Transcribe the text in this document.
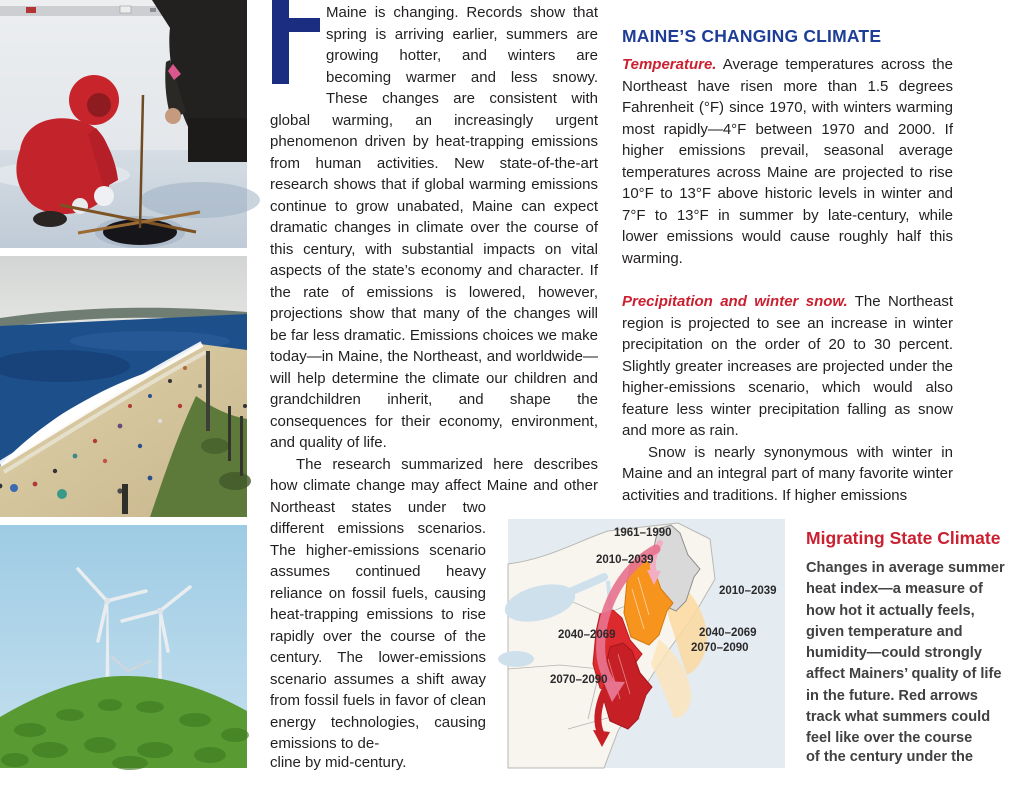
Maine is changing. Records show that spring is arriving earlier, summers are growing hotter, and winters are becoming warmer and less snowy. These changes are consistent with global warming, an increasingly urgent phenomenon driven by heat-trapping emissions from human activities. New state-of-the-art research shows that if global warming emissions continue to grow unabated, Maine can expect dramatic changes in climate over the course of this century, with substantial impacts on vital aspects of the state’s economy and character. If the rate of emissions is lowered, however, projections show that many of the changes will be far less dramatic. Emissions choices we make today—in Maine, the Northeast, and worldwide—will help determine the climate our children and grandchildren inherit, and shape the consequences for their economy, environment, and quality of life.

The research summarized here describes how climate change may affect Maine and other Northeast states under two different emissions scenarios. The higher-emissions scenario assumes continued heavy reliance on fossil fuels, causing heat-trapping emissions to rise rapidly over the course of the century. The lower-emissions scenario assumes a shift away from fossil fuels in favor of clean energy technologies, causing emissions to de-

cline by mid-century.
MAINE’S CHANGING CLIMATE

Temperature. Average temperatures across the Northeast have risen more than 1.5 degrees Fahrenheit (°F) since 1970, with winters warming most rapidly—4°F between 1970 and 2000. If higher emissions prevail, seasonal average temperatures across Maine are projected to rise 10°F to 13°F above historic levels in winter and 7°F to 13°F in summer by late-century, while lower emissions would cause roughly half this warming.

Precipitation and winter snow. The Northeast region is projected to see an increase in winter precipitation on the order of 20 to 30 percent. Slightly greater increases are projected under the higher-emissions scenario, which would also feature less winter precipitation falling as snow and more as rain.

Snow is nearly synonymous with winter in Maine and an integral part of many favorite winter activities and traditions. If higher emissions

1961–1990
2010–2039
2010–2039
2040–2069	2040–2069
2070–2090
2070–2090
Migrating State Climate

Changes in average summer heat index—a measure of how hot it actually feels, given temperature and humidity—could strongly affect Mainers’ quality of life in the future. Red arrows track what summers could feel like over the course

of the century under the
